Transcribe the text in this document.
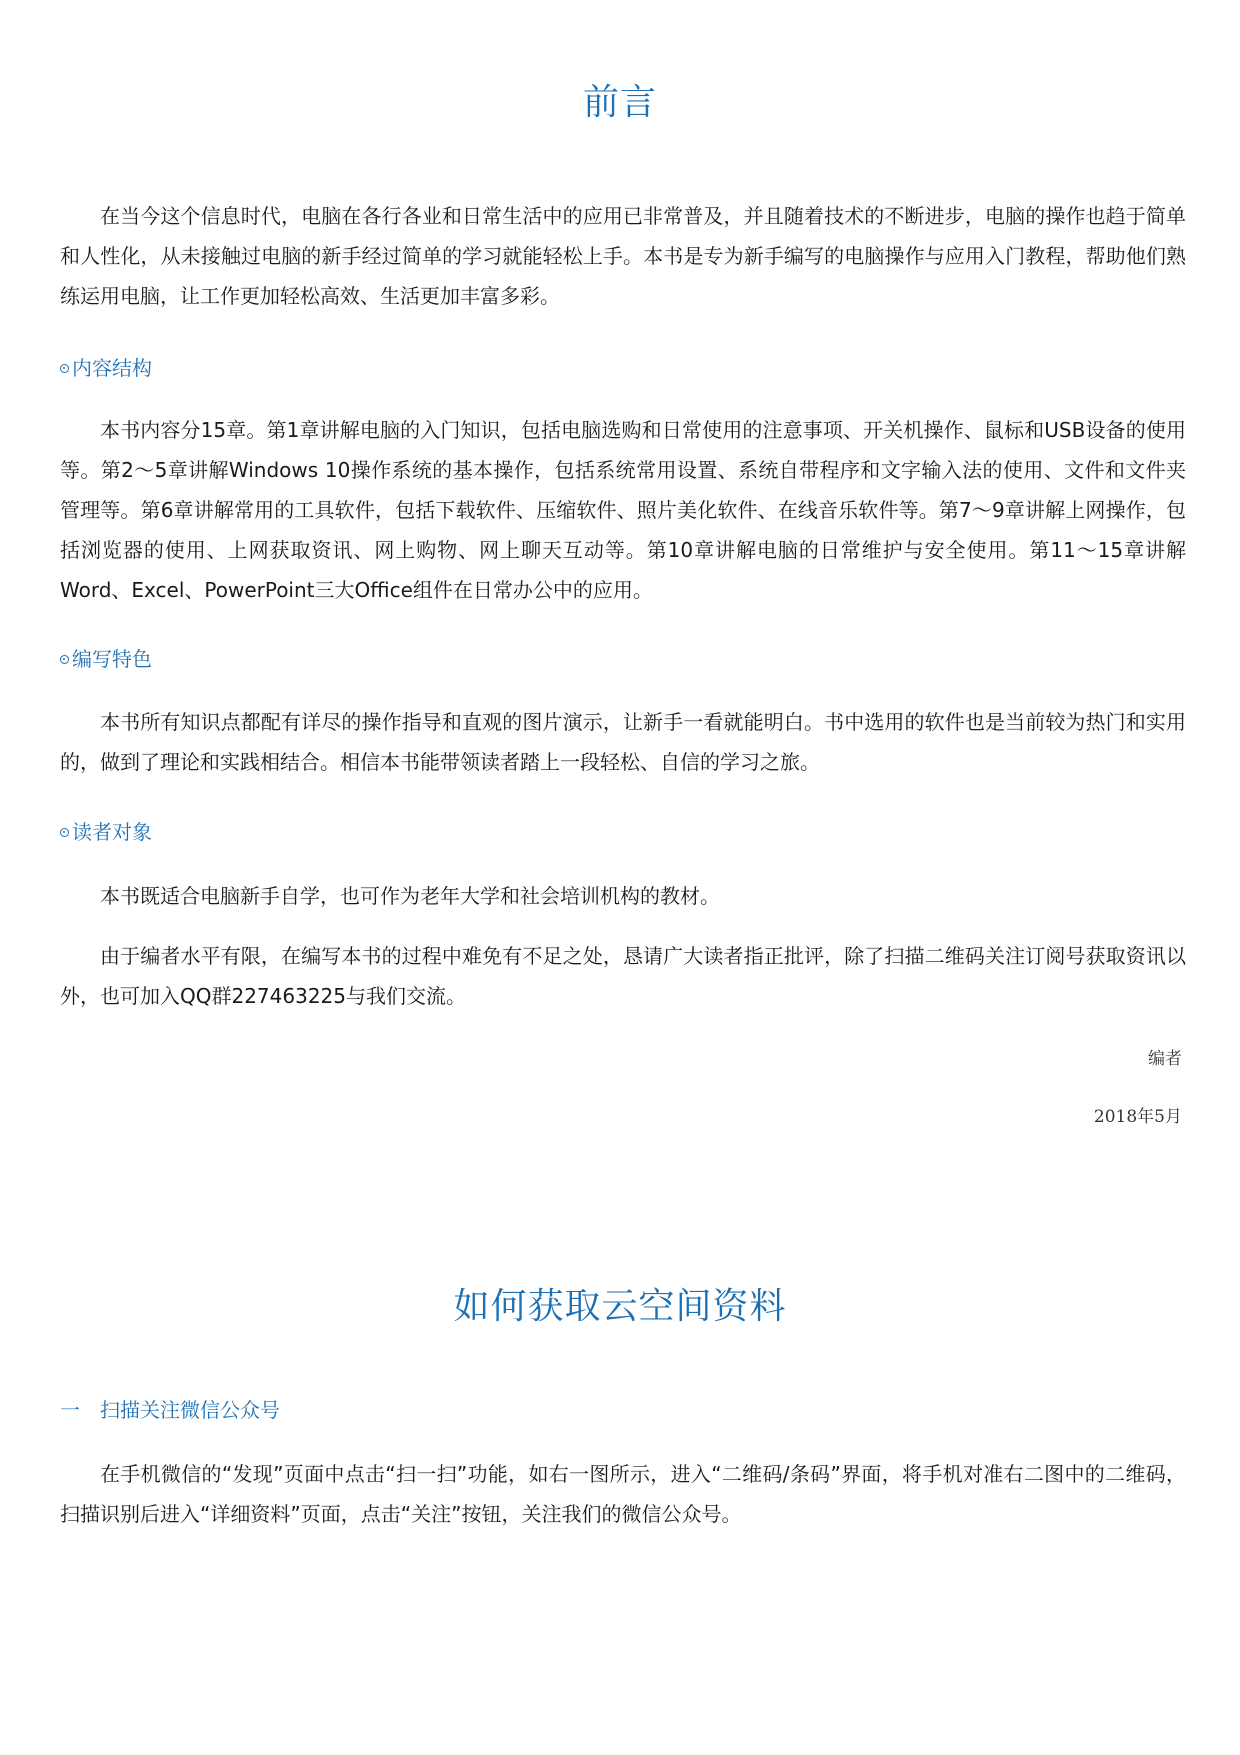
前言

在当今这个信息时代，电脑在各行各业和日常生活中的应用已非常普及，并且随着技术的不断进步，电脑的操作也趋于简单和人性化，从未接触过电脑的新手经过简单的学习就能轻松上手。本书是专为新手编写的电脑操作与应用入门教程，帮助他们熟练运用电脑，让工作更加轻松高效、生活更加丰富多彩。

内容结构

本书内容分15章。第1章讲解电脑的入门知识，包括电脑选购和日常使用的注意事项、开关机操作、鼠标和USB设备的使用等。第2～5章讲解Windows 10操作系统的基本操作，包括系统常用设置、系统自带程序和文字输入法的使用、文件和文件夹管理等。第6章讲解常用的工具软件，包括下载软件、压缩软件、照片美化软件、在线音乐软件等。第7～9章讲解上网操作，包括浏览器的使用、上网获取资讯、网上购物、网上聊天互动等。第10章讲解电脑的日常维护与安全使用。第11～15章讲解Word、Excel、PowerPoint三大Office组件在日常办公中的应用。

编写特色

本书所有知识点都配有详尽的操作指导和直观的图片演示，让新手一看就能明白。书中选用的软件也是当前较为热门和实用的，做到了理论和实践相结合。相信本书能带领读者踏上一段轻松、自信的学习之旅。

读者对象

本书既适合电脑新手自学，也可作为老年大学和社会培训机构的教材。

由于编者水平有限，在编写本书的过程中难免有不足之处，恳请广大读者指正批评，除了扫描二维码关注订阅号获取资讯以外，也可加入QQ群227463225与我们交流。

编者
2018年5月
如何获取云空间资料
一 扫描关注微信公众号

在手机微信的“发现”页面中点击“扫一扫”功能，如右一图所示，进入“二维码/条码”界面，将手机对准右二图中的二维码，扫描识别后进入“详细资料”页面，点击“关注”按钮，关注我们的微信公众号。
